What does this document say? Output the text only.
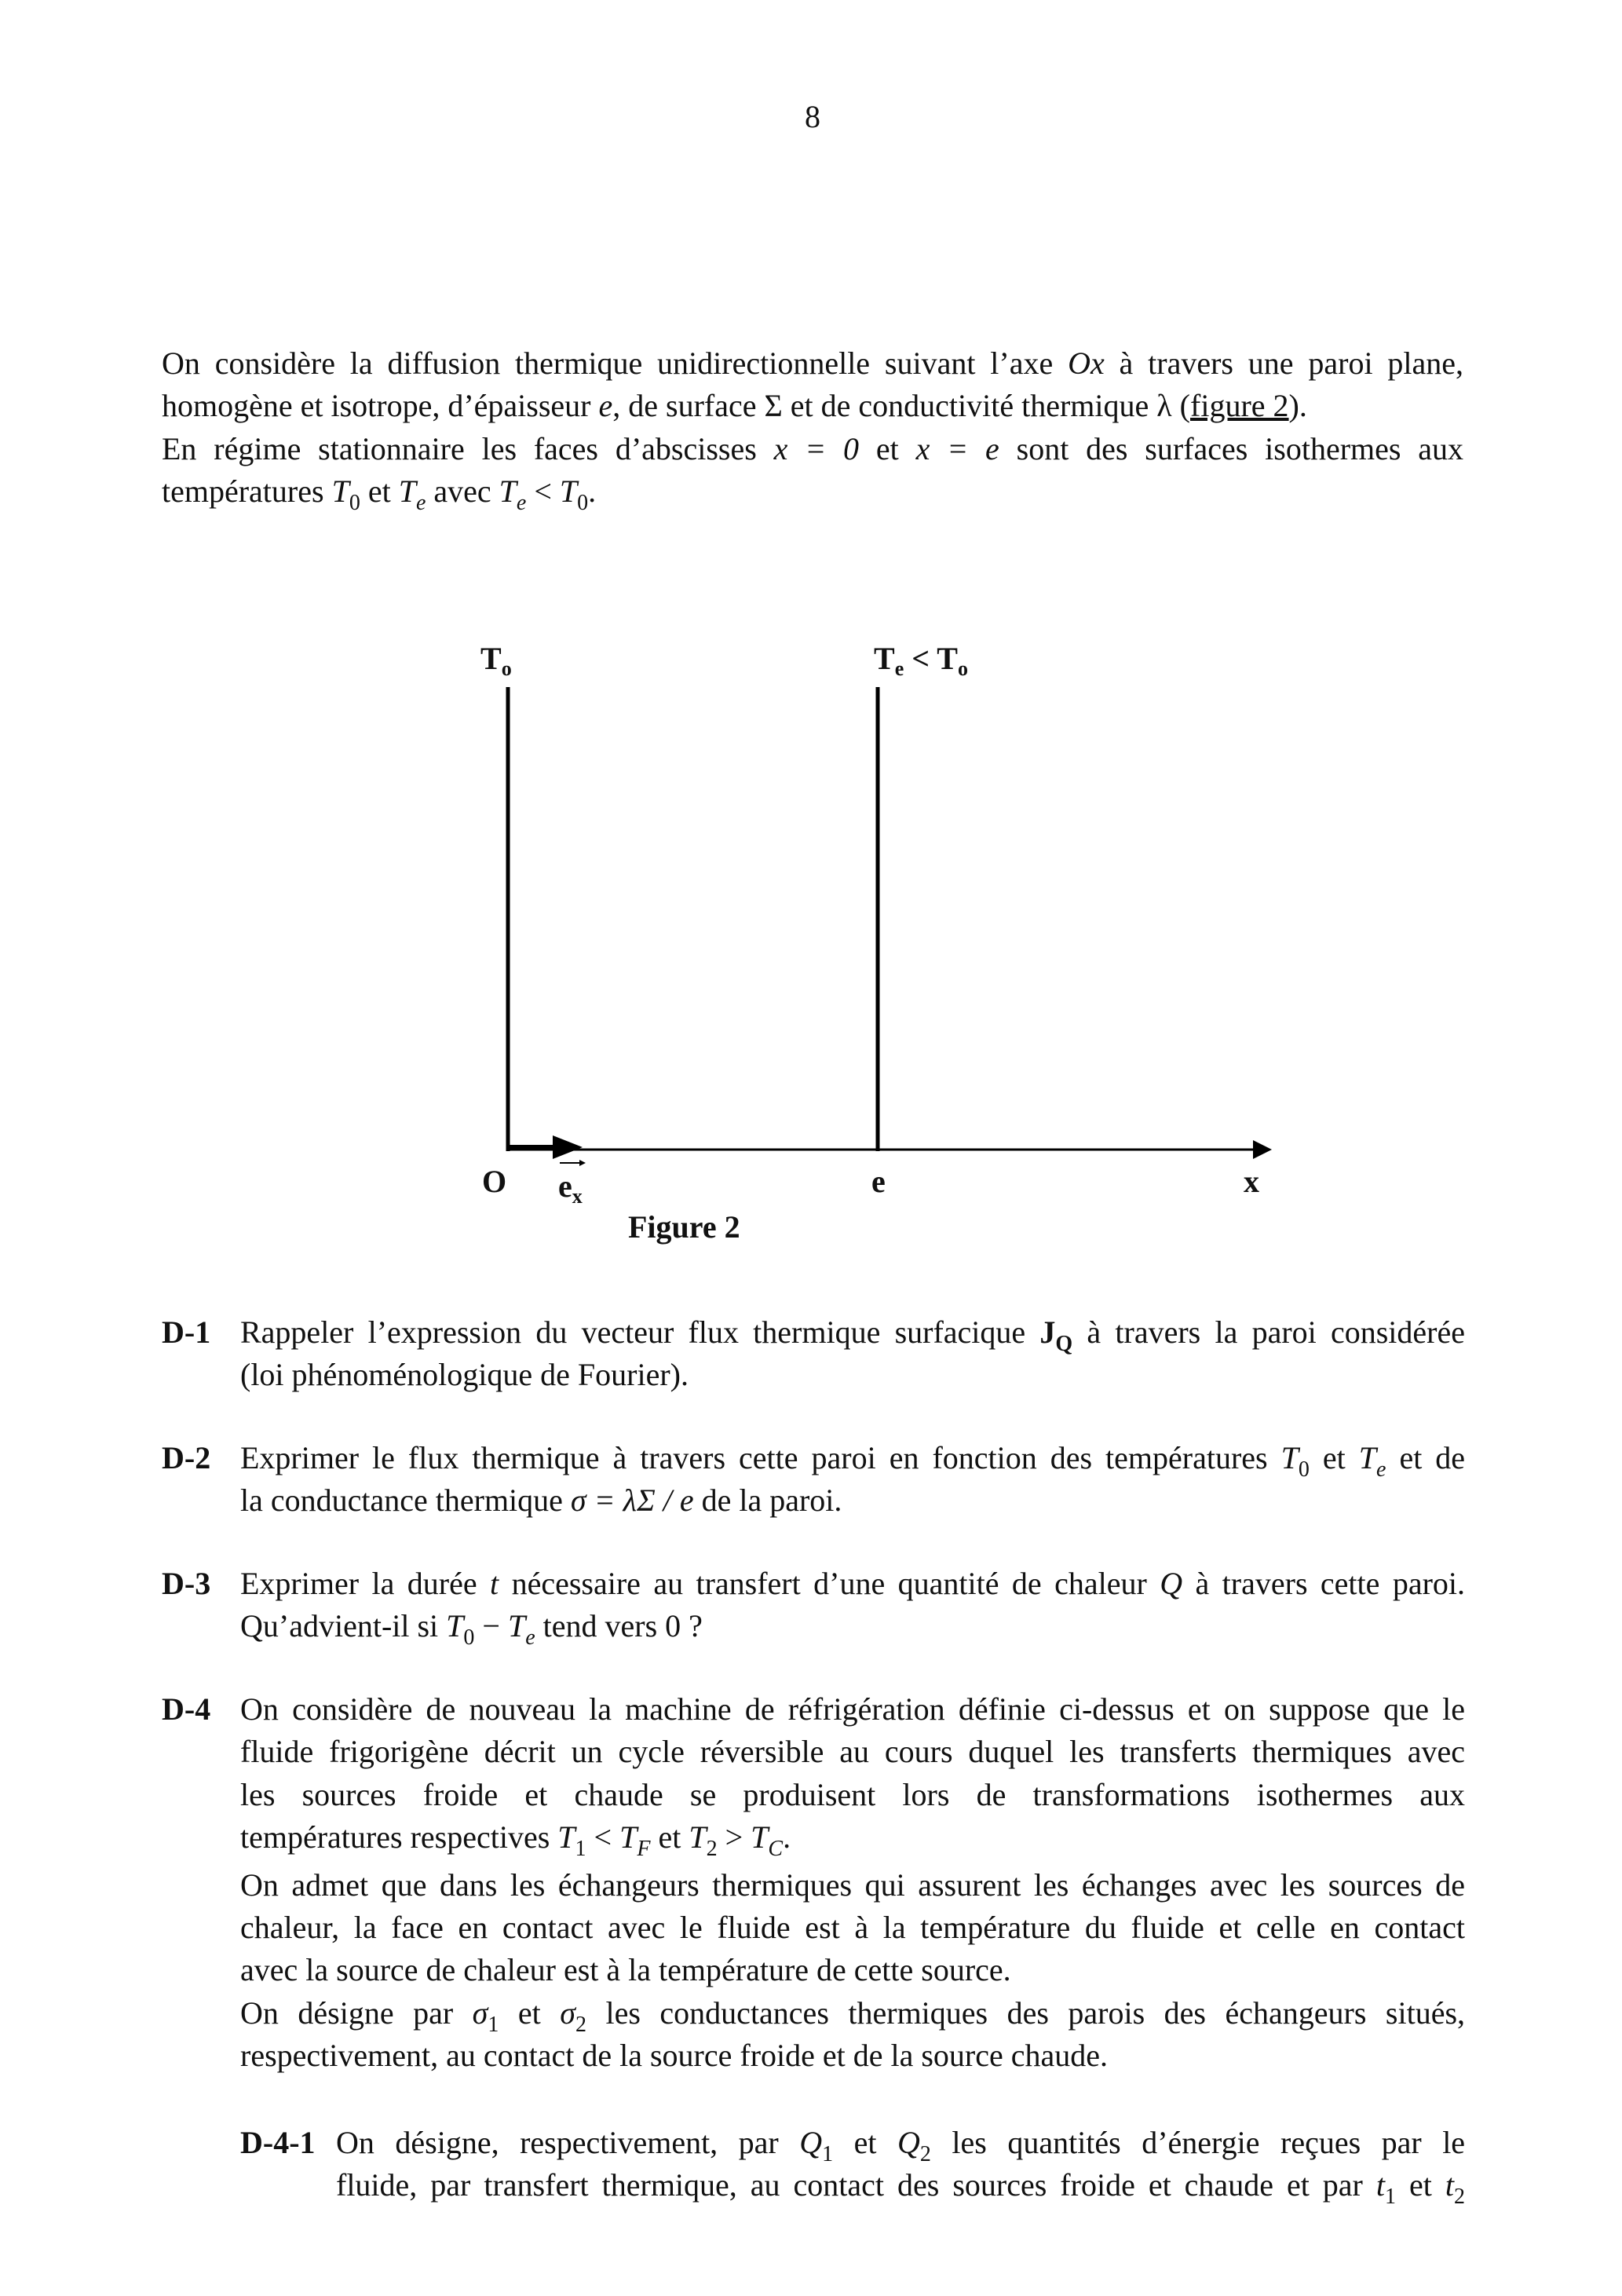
8
On considère la diffusion thermique unidirectionnelle suivant l’axe Ox à travers une paroi plane,
homogène et isotrope, d’épaisseur e, de surface Σ et de conductivité thermique λ (figure 2).
En régime stationnaire les faces d’abscisses x = 0 et x = e sont des surfaces isothermes aux
températures $T_0$ et $T_e$ avec $T_e < T_0$.
$T_o$	$T_e < T_o$
O $e_x$	e	x
Figure 2
D-1 Rappeler l’expression du vecteur flux thermique surfacique $J_Q$ à travers la paroi considérée
(loi phénoménologique de Fourier).
D-2 Exprimer le flux thermique à travers cette paroi en fonction des températures $T_0$ et $T_e$ et de
la conductance thermique σ = λΣ / e de la paroi.
D-3 Exprimer la durée t nécessaire au transfert d’une quantité de chaleur Q à travers cette paroi.
Qu’advient-il si $T_0 - T_e$ tend vers 0 ?
D-4 On considère de nouveau la machine de réfrigération définie ci-dessus et on suppose que le
fluide frigorigène décrit un cycle réversible au cours duquel les transferts thermiques avec
les sources froide et chaude se produisent lors de transformations isothermes aux
températures respectives $T_1 < T_F$ et $T_2 > T_C$.
On admet que dans les échangeurs thermiques qui assurent les échanges avec les sources de
chaleur, la face en contact avec le fluide est à la température du fluide et celle en contact
avec la source de chaleur est à la température de cette source.
On désigne par $\sigma_1$ et $\sigma_2$ les conductances thermiques des parois des échangeurs situés,
respectivement, au contact de la source froide et de la source chaude.
D-4-1 On désigne, respectivement, par $Q_1$ et $Q_2$ les quantités d’énergie reçues par le
fluide, par transfert thermique, au contact des sources froide et chaude et par $t_1$ et $t_2$
